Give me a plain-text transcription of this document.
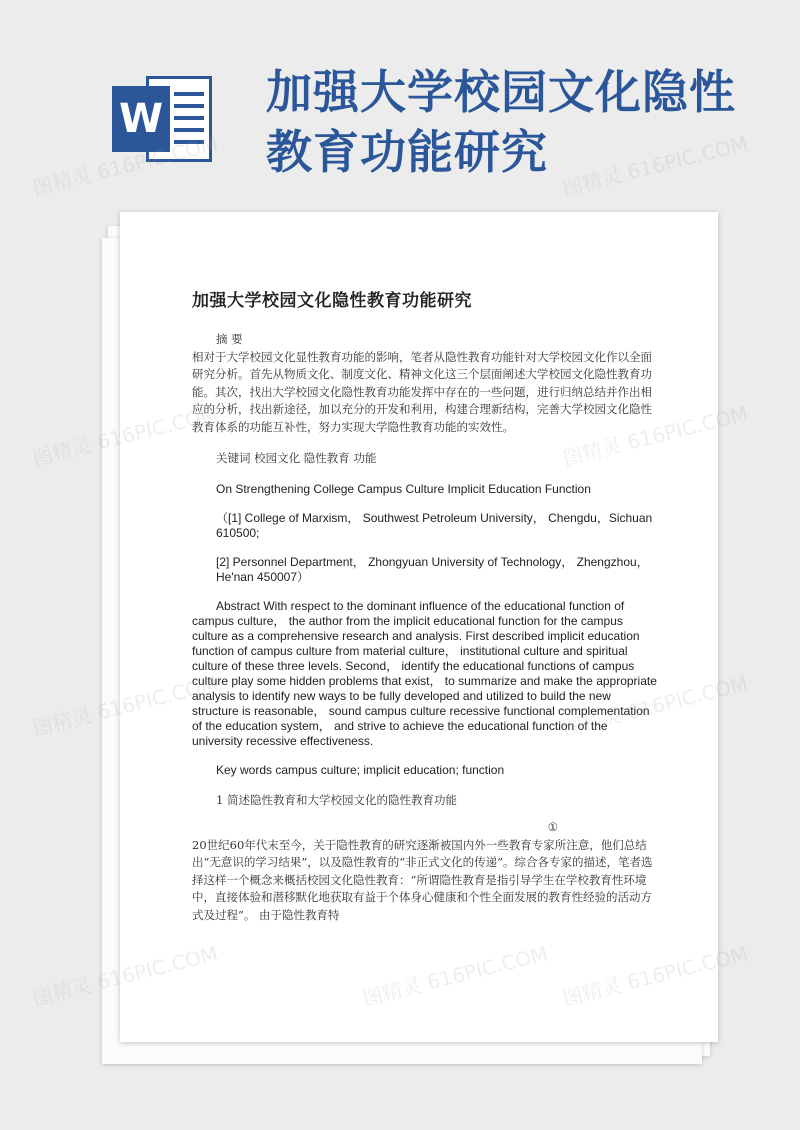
W 加强大学校园文化隐性
教育功能研究
加强大学校园文化隐性教育功能研究
摘 要
相对于大学校园文化显性教育功能的影响，笔者从隐性教育功能针对大学校园文化作以全面研究分析。首先从物质文化、制度文化、精神文化这三个层面阐述大学校园文化隐性教育功能。其次，找出大学校园文化隐性教育功能发挥中存在的一些问题，进行归纳总结并作出相应的分析，找出新途径，加以充分的开发和利用，构建合理新结构，完善大学校园文化隐性教育体系的功能互补性，努力实现大学隐性教育功能的实效性。
关键词 校园文化 隐性教育 功能
On Strengthening College Campus Culture Implicit Education Function
（[1] College of Marxism， Southwest Petroleum University， Chengdu，Sichuan 610500;
[2] Personnel Department， Zhongyuan University of Technology， Zhengzhou， He'nan 450007）
Abstract With respect to the dominant influence of the educational function of campus culture， the author from the implicit educational function for the campus culture as a comprehensive research and analysis. First described implicit education function of campus culture from material culture， institutional culture and spiritual culture of these three levels. Second， identify the educational functions of campus culture play some hidden problems that exist， to summarize and make the appropriate analysis to identify new ways to be fully developed and utilized to build the new structure is reasonable， sound campus culture recessive functional complementation of the education system， and strive to achieve the educational function of the university recessive effectiveness.
Key words campus culture; implicit education; function
1 简述隐性教育和大学校园文化的隐性教育功能
①
20世纪60年代末至今，关于隐性教育的研究逐渐被国内外一些教育专家所注意，他们总结出“无意识的学习结果”，以及隐性教育的“非正式文化的传递”。综合各专家的描述，笔者选择这样一个概念来概括校园文化隐性教育：“所谓隐性教育是指引导学生在学校教育性环境中，直接体验和潜移默化地获取有益于个体身心健康和个性全面发展的教育性经验的活动方式及过程”。 由于隐性教育特
图精灵 616PIC.COM	图精灵 616PIC.COM
图精灵
图精灵
图精灵
